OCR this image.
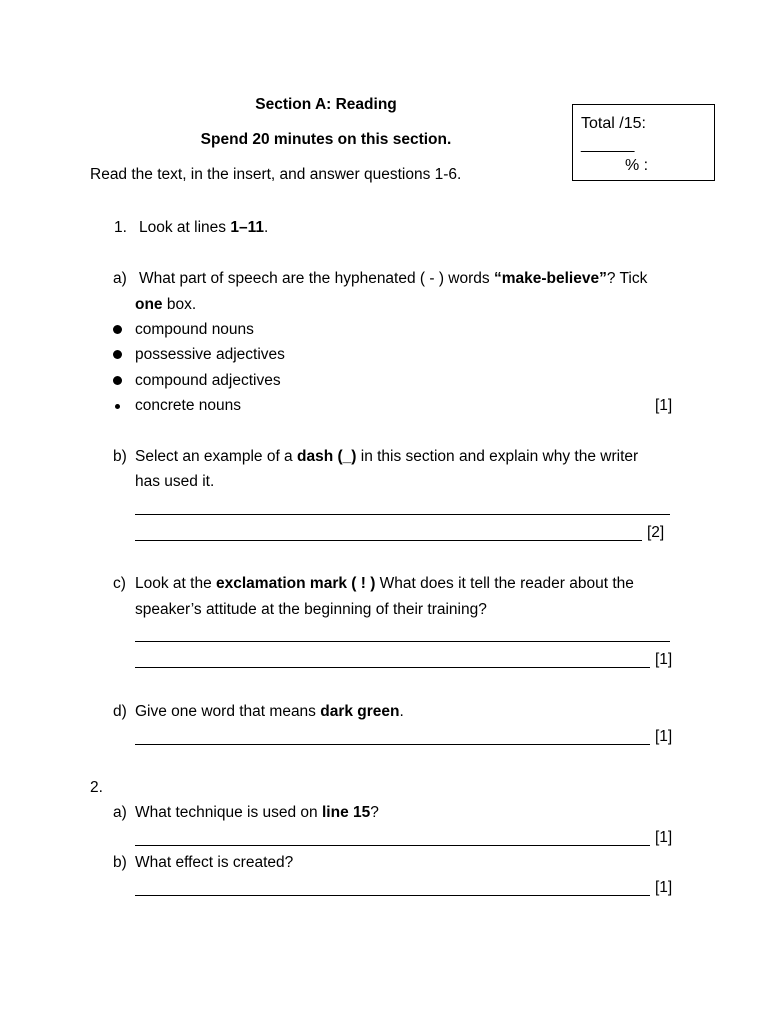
Section A: Reading
Spend 20 minutes on this section.
Read the text, in the insert, and answer questions 1-6.
Total /15:
______
% :
1. Look at lines 1–11.
a) What part of speech are the hyphenated ( - ) words “make-believe”? Tick
one box.
compound nouns
possessive adjectives
compound adjectives
concrete nouns	[1]
b) Select an example of a dash (_) in this section and explain why the writer
has used it.
[2]
c) Look at the exclamation mark ( ! ) What does it tell the reader about the
speaker’s attitude at the beginning of their training?
[1]
d) Give one word that means dark green.
[1]
2.
a) What technique is used on line 15?
[1]
b) What effect is created?
[1]
